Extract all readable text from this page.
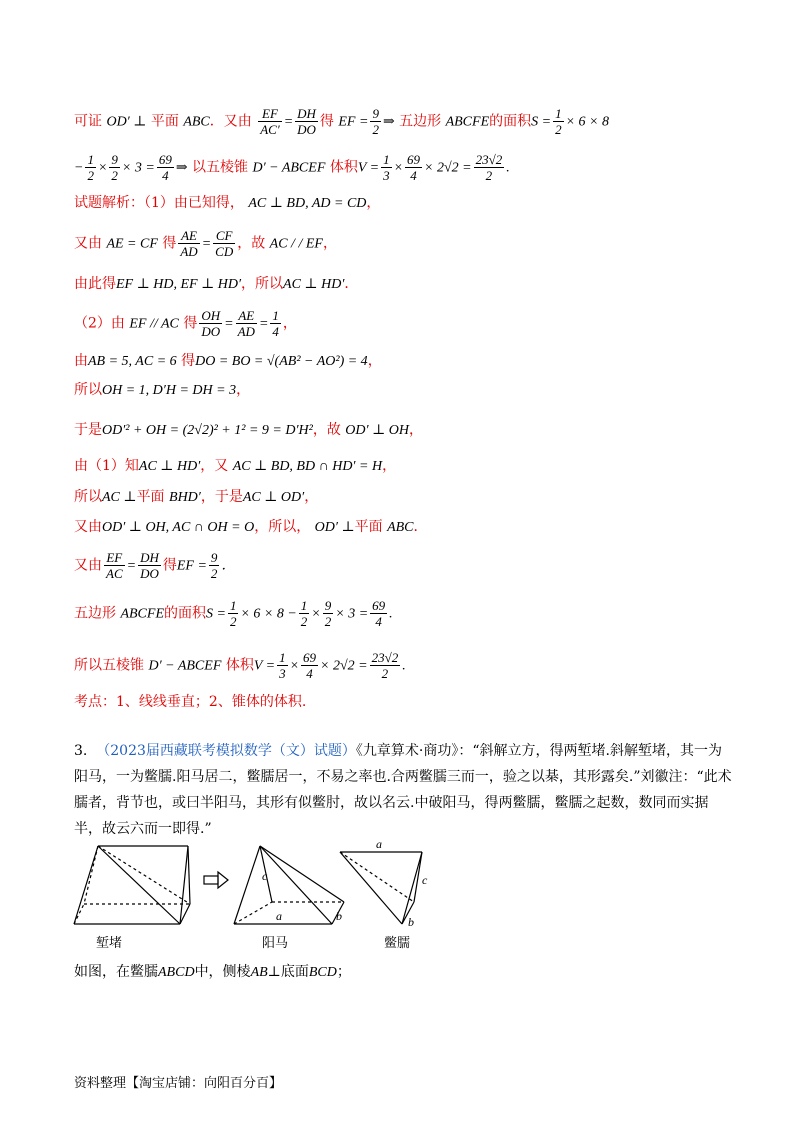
可证 OD′ ⊥ 平面 ABC．又由 $\frac{EF}{AC'} = \frac{DH}{DO}$ 得 EF = $\frac{9}{2}$ ⇒ 五边形 ABCFE的面积$S = \frac{1}{2} \times 6 \times 8$
− $\frac{1}{2} \times \frac{9}{2} \times 3 = \frac{69}{4}$ ⇒ 以五棱锥 D′ − ABCEF 体积$V = \frac{1}{3} \times \frac{69}{4} \times 2√2 = \frac{23√2}{2}$ .
试题解析：（1）由已知得， AC ⊥ BD, AD = CD，
又由 AE = CF 得 $\frac{AE}{AD} = \frac{CF}{CD}$ ，故 AC / / EF，
由此得EF ⊥ HD, EF ⊥ HD′，所以AC ⊥ HD′．
（2）由 EF // AC 得 $\frac{OH}{DO} = \frac{AE}{AD} = \frac{1}{4}$ ，
由AB = 5, AC = 6 得DO = BO = √(AB² − AO²) = 4，
所以OH = 1, D′H = DH = 3，
于是OD′² + OH = (2√2)² + 1² = 9 = D′H²，故 OD′ ⊥ OH，
由（1）知AC ⊥ HD′，又 AC ⊥ BD, BD ∩ HD′ = H，
所以AC ⊥平面 BHD′，于是AC ⊥ OD′，
又由OD′ ⊥ OH, AC ∩ OH = O，所以， OD′ ⊥平面 ABC．
又由 $\frac{EF}{AC} = \frac{DH}{DO}$ 得EF = $\frac{9}{2}$ ．
五边形 ABCFE的面积$S = \frac{1}{2} \times 6 \times 8 - \frac{1}{2} \times \frac{9}{2} \times 3 = \frac{69}{4}$ .
所以五棱锥 D′ − ABCEF 体积$V = \frac{1}{3} \times \frac{69}{4} \times 2√2 = \frac{23√2}{2}$ .
考点：1、线线垂直；2、锥体的体积.
3. （2023届西藏联考模拟数学（文）试题）《九章算术·商功》：“斜解立方，得两堑堵.斜解堑堵，其一为阳马，一为鳖臑.阳马居二，鳖臑居一，不易之率也.合两鳖臑三而一，验之以棊，其形露矣.”刘徽注：“此术臑者，背节也，或曰半阳马，其形有似鳖肘，故以名云.中破阳马，得两鳖臑，鳖臑之起数，数同而实据半，故云六而一即得.”
c
a	b
a
c
b
堑堵	阳马	鳖臑
如图，在鳖臑ABCD中，侧棱AB⊥底面BCD；
资料整理【淘宝店铺：向阳百分百】
